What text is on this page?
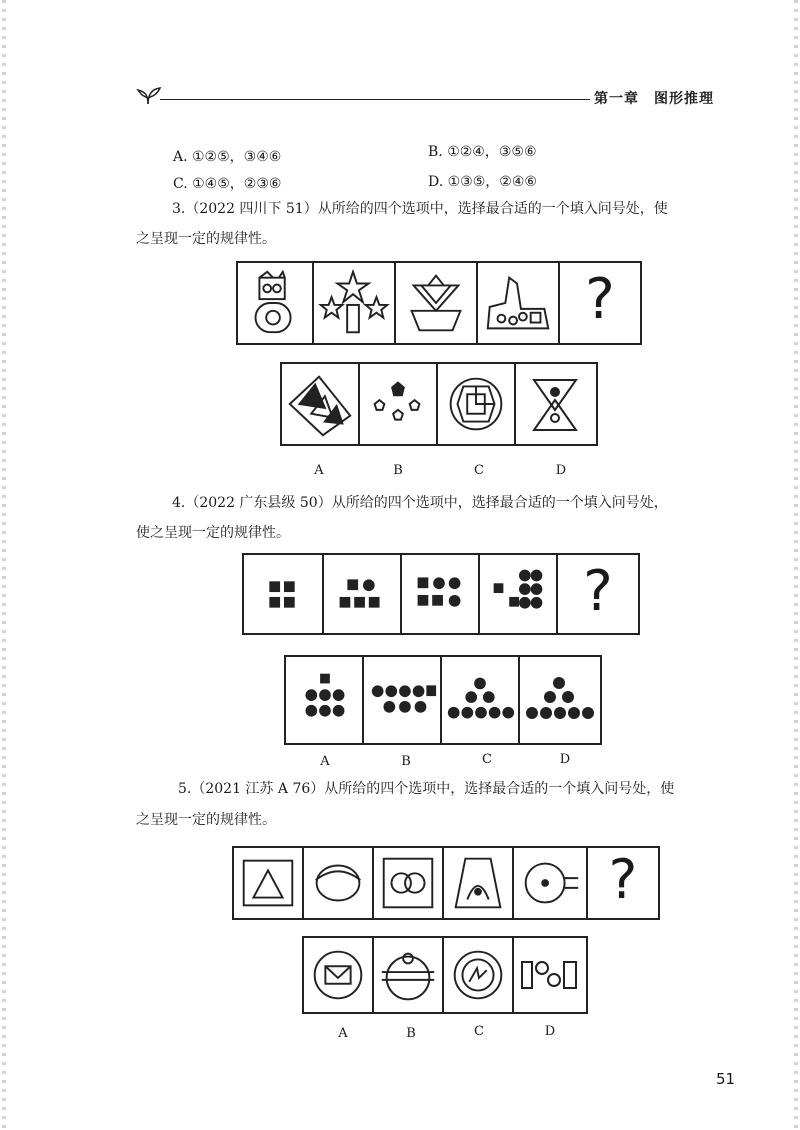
第一章　图形推理
A. ①②⑤，③④⑥	B. ①②④，③⑤⑥
C. ①④⑤，②③⑥	D. ①③⑤，②④⑥
3.（2022 四川下 51）从所给的四个选项中，选择最合适的一个填入问号处，使
之呈现一定的规律性。
?
A	B	C	D
4.（2022 广东县级 50）从所给的四个选项中，选择最合适的一个填入问号处，
使之呈现一定的规律性。
?
A	B	C	D
5.（2021 江苏 A 76）从所给的四个选项中，选择最合适的一个填入问号处，使
之呈现一定的规律性。
?
A	B	C	D
51
